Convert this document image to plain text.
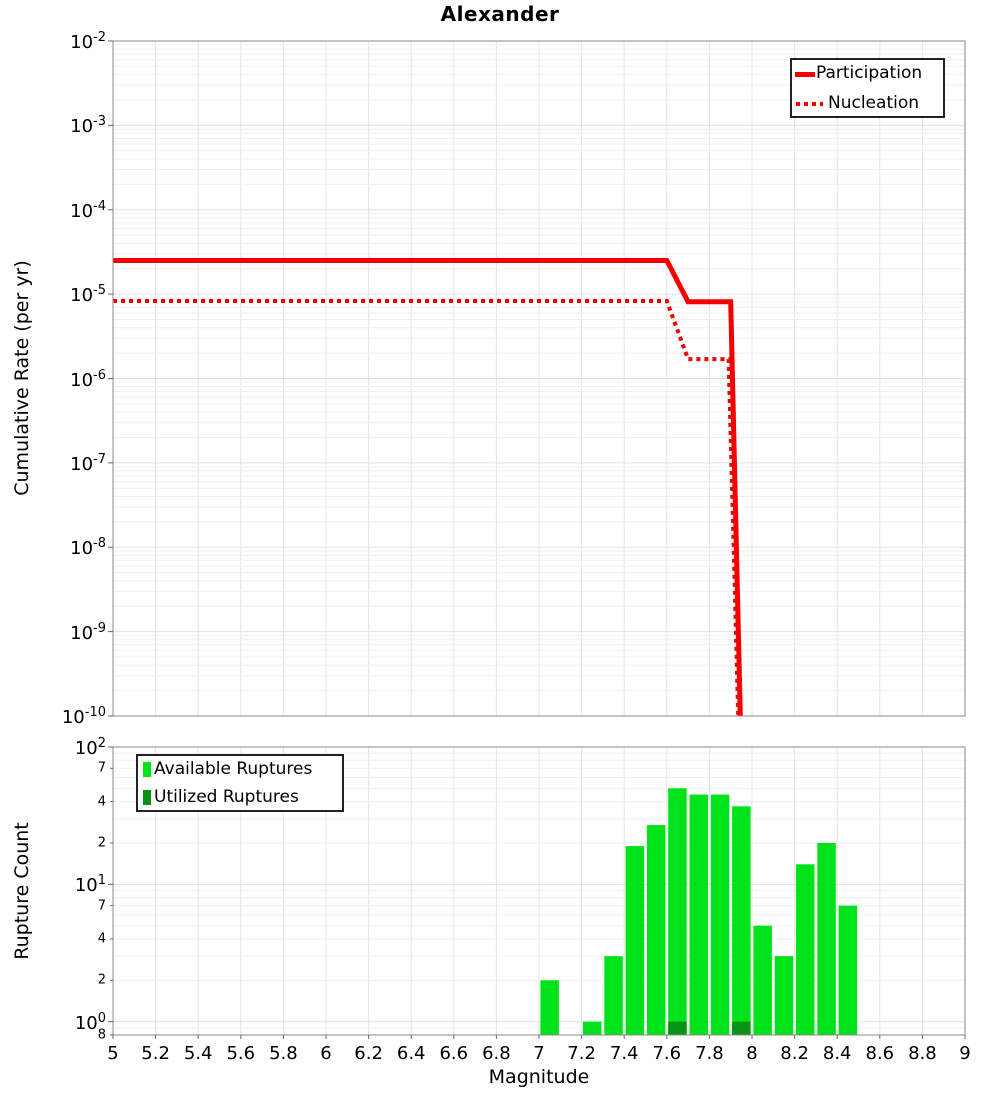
Alexander
Cumulative Rate (per yr)
Rupture Count
Magnitude
Participation
Nucleation
Available Ruptures
Utilized Ruptures
5 5.2 5.4 5.6 5.8 6 6.2 6.4 6.6 6.8 7 7.2 7.4 7.6 7.8 8 8.2 8.4 8.6 8.8 9
$10^{-2}$
$10^{-3}$
$10^{-4}$
$10^{-5}$
$10^{-6}$
$10^{-7}$
$10^{-8}$
$10^{-9}$
$10^{-10}$
$10^2$
$10^1$
$10^0$
7
4
2
7
4
2
8
